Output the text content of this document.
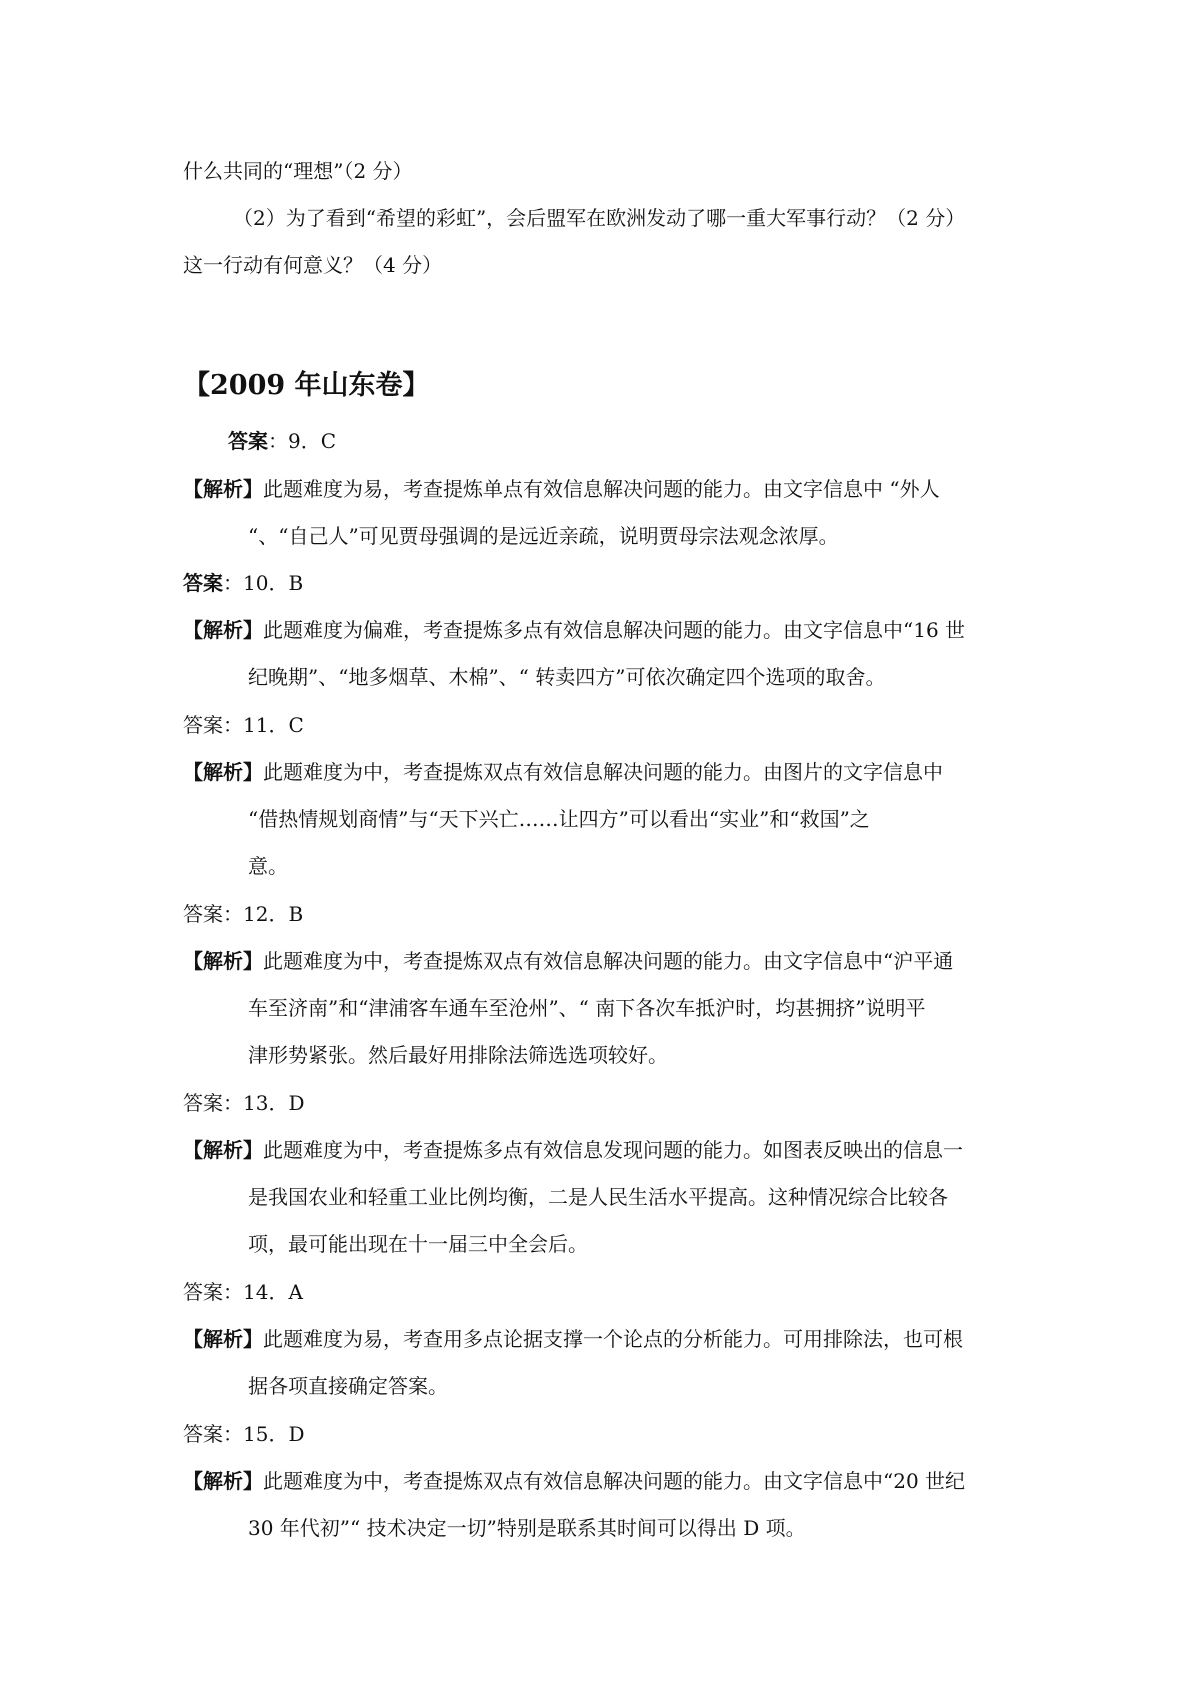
什么共同的“理想”（2 分）
（2）为了看到“希望的彩虹”，会后盟军在欧洲发动了哪一重大军事行动？（2 分）
这一行动有何意义？（4 分）
【2009 年山东卷】
答案：9．C
【解析】此题难度为易，考查提炼单点有效信息解决问题的能力。由文字信息中 “外人
“、“自己人”可见贾母强调的是远近亲疏，说明贾母宗法观念浓厚。
答案：10．B
【解析】此题难度为偏难，考查提炼多点有效信息解决问题的能力。由文字信息中“16 世
纪晚期”、“地多烟草、木棉”、“ 转卖四方”可依次确定四个选项的取舍。
答案：11．C
【解析】此题难度为中，考查提炼双点有效信息解决问题的能力。由图片的文字信息中
“借热情规划商情”与“天下兴亡……让四方”可以看出“实业”和“救国”之
意。
答案：12．B
【解析】此题难度为中，考查提炼双点有效信息解决问题的能力。由文字信息中“沪平通
车至济南”和“津浦客车通车至沧州”、“ 南下各次车抵沪时，均甚拥挤”说明平
津形势紧张。然后最好用排除法筛选选项较好。
答案：13．D
【解析】此题难度为中，考查提炼多点有效信息发现问题的能力。如图表反映出的信息一
是我国农业和轻重工业比例均衡，二是人民生活水平提高。这种情况综合比较各
项，最可能出现在十一届三中全会后。
答案：14．A
【解析】此题难度为易，考查用多点论据支撑一个论点的分析能力。可用排除法，也可根
据各项直接确定答案。
答案：15．D
【解析】此题难度为中，考查提炼双点有效信息解决问题的能力。由文字信息中“20 世纪
30 年代初”“ 技术决定一切”特别是联系其时间可以得出 D 项。
